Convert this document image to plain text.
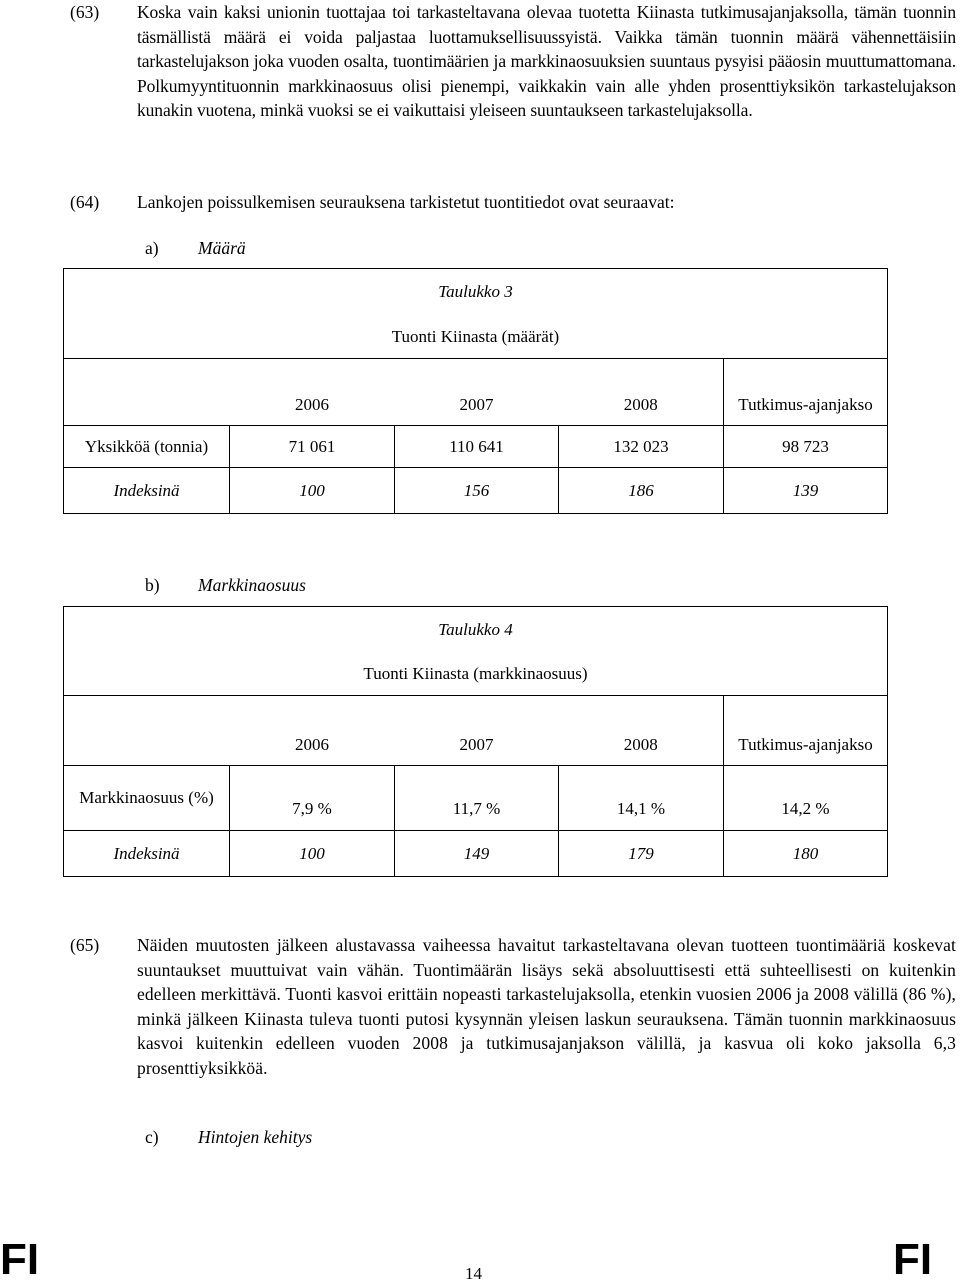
(63) Koska vain kaksi unionin tuottajaa toi tarkasteltavana olevaa tuotetta Kiinasta tutkimusajanjaksolla, tämän tuonnin täsmällistä määrä ei voida paljastaa luottamuksellisuussyistä. Vaikka tämän tuonnin määrä vähennettäisiin tarkastelujakson joka vuoden osalta, tuontimäärien ja markkinaosuuksien suuntaus pysyisi pääosin muuttumattomana. Polkumyyntituonnin markkinaosuus olisi pienempi, vaikkakin vain alle yhden prosenttiyksikön tarkastelujakson kunakin vuotena, minkä vuoksi se ei vaikuttaisi yleiseen suuntaukseen tarkastelujaksolla.
(64) Lankojen poissulkemisen seurauksena tarkistetut tuontitiedot ovat seuraavat:
a) Määrä
Taulukko 3				
Tuonti Kiinasta (määrät)				
	2006	2007	2008	Tutkimus-ajanjakso
Yksikköä (tonnia)	71 061	110 641	132 023	98 723
Indeksinä	100	156	186	139
b) Markkinaosuus
Taulukko 4				
Tuonti Kiinasta (markkinaosuus)				
	2006	2007	2008	Tutkimus-ajanjakso
Markkinaosuus (%)	7,9 %	11,7 %	14,1 %	14,2 %
Indeksinä	100	149	179	180
(65) Näiden muutosten jälkeen alustavassa vaiheessa havaitut tarkasteltavana olevan tuotteen tuontimääriä koskevat suuntaukset muuttuivat vain vähän. Tuontimäärän lisäys sekä absoluuttisesti että suhteellisesti on kuitenkin edelleen merkittävä. Tuonti kasvoi erittäin nopeasti tarkastelujaksolla, etenkin vuosien 2006 ja 2008 välillä (86 %), minkä jälkeen Kiinasta tuleva tuonti putosi kysynnän yleisen laskun seurauksena. Tämän tuonnin markkinaosuus kasvoi kuitenkin edelleen vuoden 2008 ja tutkimusajanjakson välillä, ja kasvua oli koko jaksolla 6,3 prosenttiyksikköä.
c) Hintojen kehitys
FI	14	FI
